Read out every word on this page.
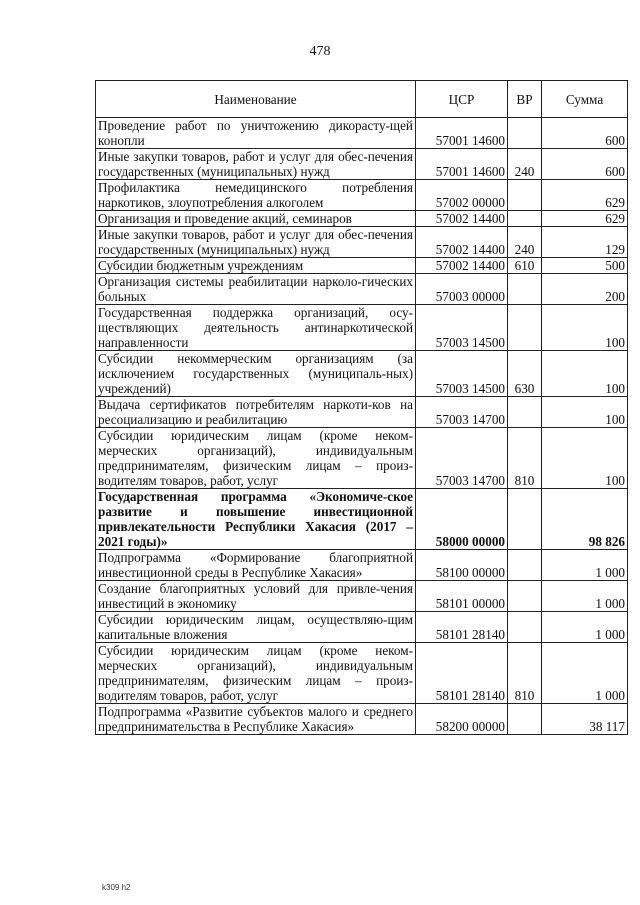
478
Наименование	ЦСР	ВР	Сумма
Проведение работ по уничтожению дикорасту-щей конопли	57001 14600		600
Иные закупки товаров, работ и услуг для обес-печения государственных (муниципальных) нужд	57001 14600	240	600
Профилактика немедицинского потребления наркотиков, злоупотребления алкоголем	57002 00000		629
Организация и проведение акций, семинаров	57002 14400		629
Иные закупки товаров, работ и услуг для обес-печения государственных (муниципальных) нужд	57002 14400	240	129
Субсидии бюджетным учреждениям	57002 14400	610	500
Организация системы реабилитации нарколо-гических больных	57003 00000		200
Государственная поддержка организаций, осу-ществляющих деятельность антинаркотической направленности	57003 14500		100
Субсидии некоммерческим организациям (за исключением государственных (муниципаль-ных) учреждений)	57003 14500	630	100
Выдача сертификатов потребителям наркоти-ков на ресоциализацию и реабилитацию	57003 14700		100
Субсидии юридическим лицам (кроме неком-мерческих организаций), индивидуальным предпринимателям, физическим лицам – произ-водителям товаров, работ, услуг	57003 14700	810	100
Государственная программа «Экономиче-ское развитие и повышение инвестиционной привлекательности Республики Хакасия (2017 – 2021 годы)»	58000 00000		98 826
Подпрограмма «Формирование благоприятной инвестиционной среды в Республике Хакасия»	58100 00000		1 000
Создание благоприятных условий для привле-чения инвестиций в экономику	58101 00000		1 000
Субсидии юридическим лицам, осуществляю-щим капитальные вложения	58101 28140		1 000
Субсидии юридическим лицам (кроме неком-мерческих организаций), индивидуальным предпринимателям, физическим лицам – произ-водителям товаров, работ, услуг	58101 28140	810	1 000
Подпрограмма «Развитие субъектов малого и среднего предпринимательства в Республике Хакасия»	58200 00000		38 117
k309 h2
